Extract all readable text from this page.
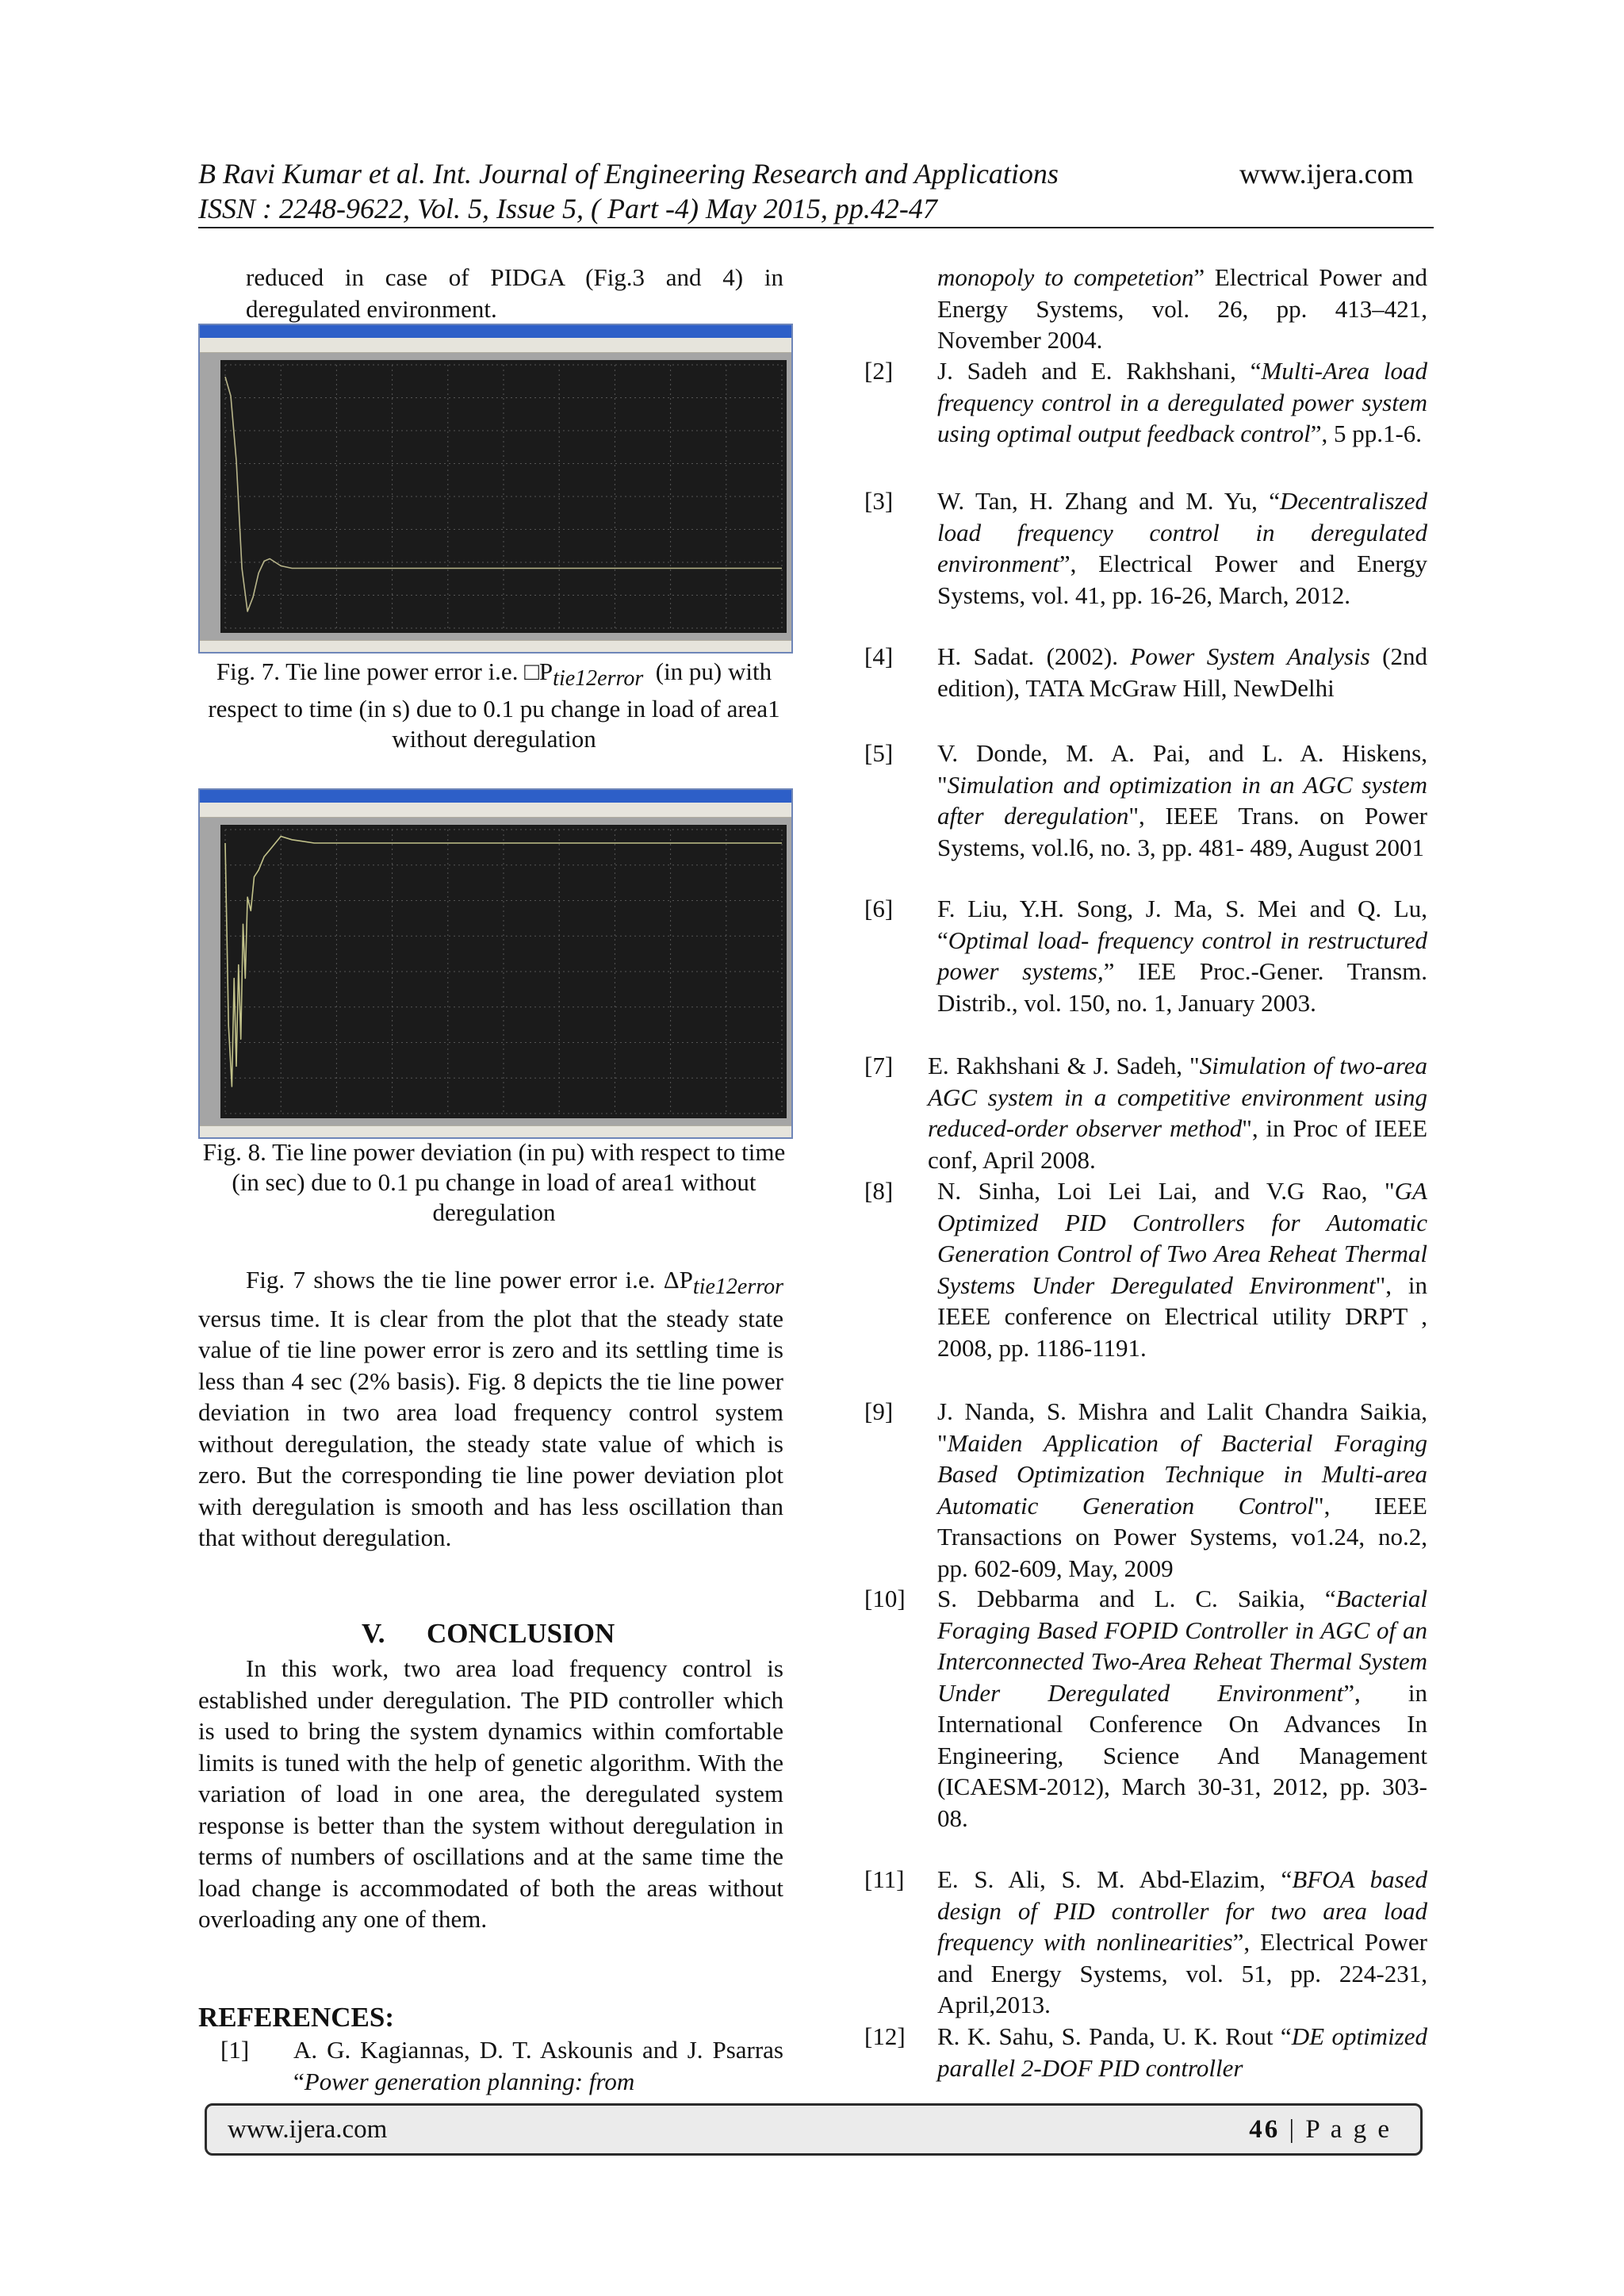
B Ravi Kumar et al. Int. Journal of Engineering Research and Applications	www.ijera.com
ISSN : 2248-9622, Vol. 5, Issue 5, ( Part -4) May 2015, pp.42-47

reduced in case of PIDGA (Fig.3 and 4) in deregulated environment.

Fig. 7. Tie line power error i.e. $□P_{tie12error}$ (in pu) with respect to time (in s) due to 0.1 pu change in load of area1 without deregulation
Fig. 8. Tie line power deviation (in pu) with respect to time (in sec) due to 0.1 pu change in load of area1 without deregulation

Fig. 7 shows the tie line power error i.e. $\Delta P_{tie12error}$ versus time. It is clear from the plot that the steady state value of tie line power error is zero and its settling time is less than 4 sec (2% basis). Fig. 8 depicts the tie line power deviation in two area load frequency control system without deregulation, the steady state value of which is zero. But the corresponding tie line power deviation plot with deregulation is smooth and has less oscillation than that without deregulation.

V.      CONCLUSION

In this work, two area load frequency control is established under deregulation. The PID controller which is used to bring the system dynamics within comfortable limits is tuned with the help of genetic algorithm. With the variation of load in one area, the deregulated system response is better than the system without deregulation in terms of numbers of oscillations and at the same time the load change is accommodated of both the areas without overloading any one of them.

REFERENCES:
[1] A. G. Kagiannas, D. T. Askounis and J. Psarras “Power generation planning: from
monopoly to competetion” Electrical Power and Energy Systems, vol. 26, pp. 413–421, November 2004.
[2] J. Sadeh and E. Rakhshani, “Multi-Area load frequency control in a deregulated power system using optimal output feedback control”, 5 pp.1-6.
[3] W. Tan, H. Zhang and M. Yu, “Decentraliszed load frequency control in deregulated environment”, Electrical Power and Energy Systems, vol. 41, pp. 16-26, March, 2012.
[4] H. Sadat. (2002). Power System Analysis (2nd edition), TATA McGraw Hill, NewDelhi
[5] V. Donde, M. A. Pai, and L. A. Hiskens, "Simulation and optimization in an AGC system after deregulation", IEEE Trans. on Power Systems, vol.l6, no. 3, pp. 481- 489, August 2001
[6] F. Liu, Y.H. Song, J. Ma, S. Mei and Q. Lu, “Optimal load- frequency control in restructured power systems,” IEE Proc.-Gener. Transm. Distrib., vol. 150, no. 1, January 2003.
[7] E. Rakhshani & J. Sadeh, "Simulation of two-area AGC system in a competitive environment using reduced-order observer method", in Proc of IEEE conf, April 2008.
[8] N. Sinha, Loi Lei Lai, and V.G Rao, "GA Optimized PID Controllers for Automatic Generation Control of Two Area Reheat Thermal Systems Under Deregulated Environment", in IEEE conference on Electrical utility DRPT , 2008, pp. 1186-1191.
[9] J. Nanda, S. Mishra and Lalit Chandra Saikia, "Maiden Application of Bacterial Foraging Based Optimization Technique in Multi-area Automatic Generation Control", IEEE Transactions on Power Systems, vo1.24, no.2, pp. 602-609, May, 2009
[10] S. Debbarma and L. C. Saikia, “Bacterial Foraging Based FOPID Controller in AGC of an Interconnected Two-Area Reheat Thermal System Under Deregulated Environment”, in International Conference On Advances In Engineering, Science And Management (ICAESM-2012), March 30-31, 2012, pp. 303-08.
[11] E. S. Ali, S. M. Abd-Elazim, “BFOA based design of PID controller for two area load frequency with nonlinearities”, Electrical Power and Energy Systems, vol. 51, pp. 224-231, April,2013.
[12] R. K. Sahu, S. Panda, U. K. Rout “DE optimized parallel 2-DOF PID controller
www.ijera.com	46 | P a g e
